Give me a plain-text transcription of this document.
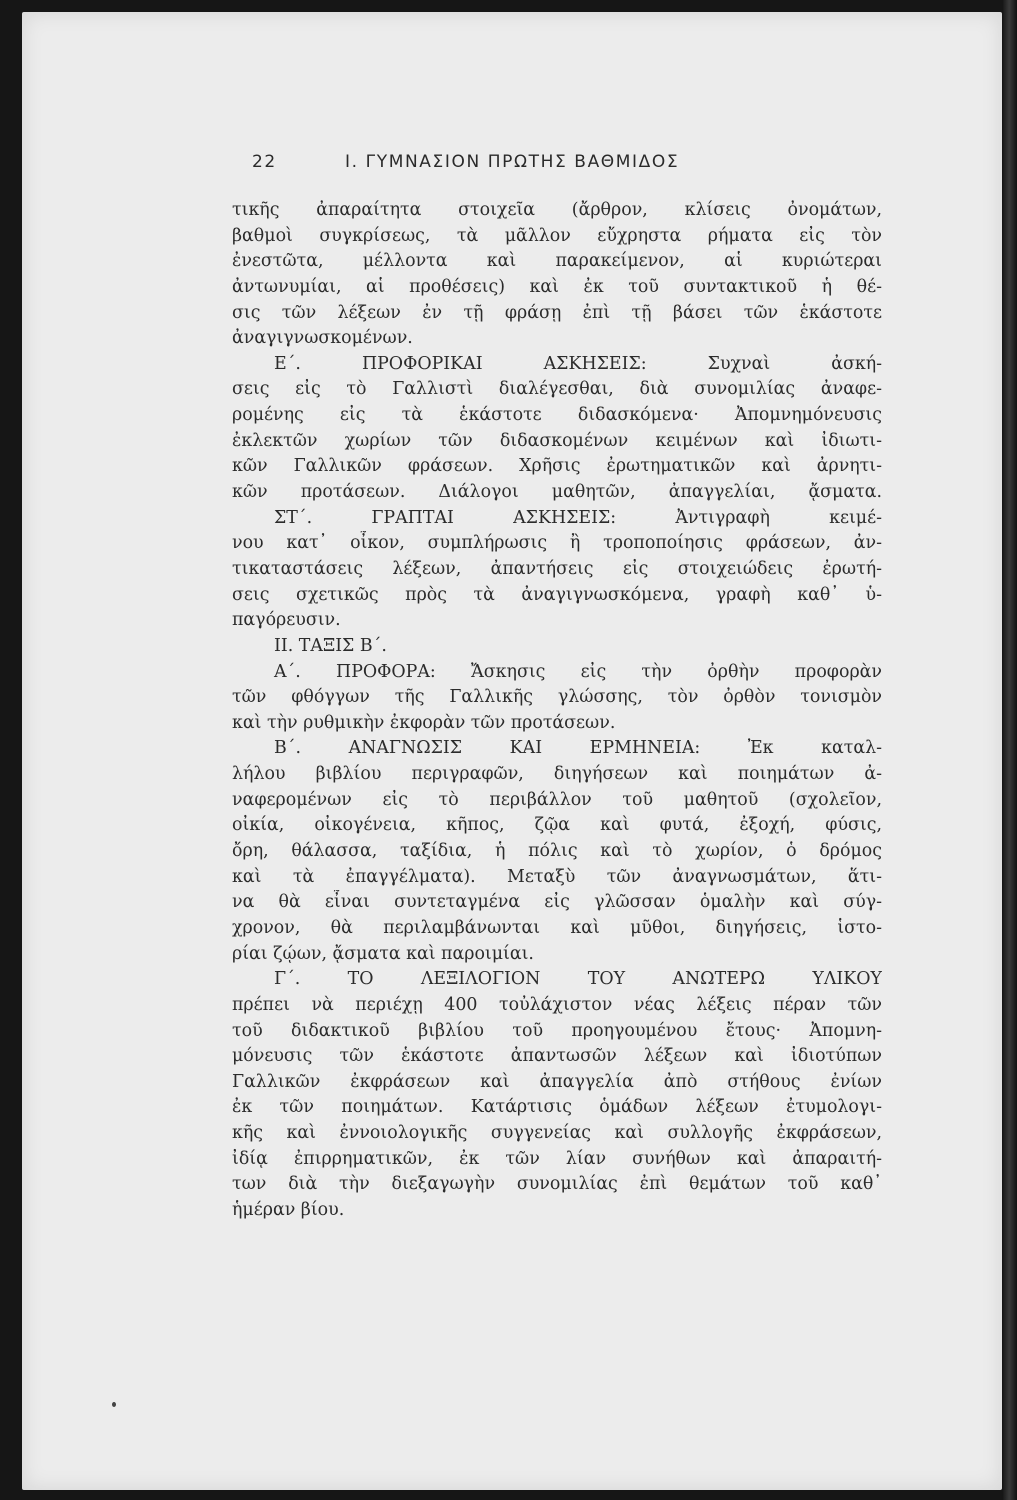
22	I. ΓΥΜΝΑΣΙΟΝ ΠΡΩΤΗΣ ΒΑΘΜΙΔΟΣ
τικῆς ἀπαραίτητα στοιχεῖα (ἄρθρον, κλίσεις ὀνομάτων,
βαθμοὶ συγκρίσεως, τὰ μᾶλλον εὔχρηστα ρήματα εἰς τὸν
ἐνεστῶτα, μέλλοντα καὶ παρακείμενον, αἱ κυριώτεραι
ἀντωνυμίαι, αἱ προθέσεις) καὶ ἐκ τοῦ συντακτικοῦ ἡ θέ-
σις τῶν λέξεων ἐν τῇ φράσῃ ἐπὶ τῇ βάσει τῶν ἑκάστοτε
ἀναγιγνωσκομένων.
Ε΄. ΠΡΟΦΟΡΙΚΑΙ ΑΣΚΗΣΕΙΣ: Συχναὶ ἀσκή-
σεις εἰς τὸ Γαλλιστὶ διαλέγεσθαι, διὰ συνομιλίας ἀναφε-
ρομένης εἰς τὰ ἑκάστοτε διδασκόμενα· Ἀπομνημόνευσις
ἐκλεκτῶν χωρίων τῶν διδασκομένων κειμένων καὶ ἰδιωτι-
κῶν Γαλλικῶν φράσεων. Χρῆσις ἐρωτηματικῶν καὶ ἀρνητι-
κῶν προτάσεων. Διάλογοι μαθητῶν, ἀπαγγελίαι, ᾄσματα.
ΣΤ΄. ΓΡΑΠΤΑΙ ΑΣΚΗΣΕΙΣ: Ἀντιγραφὴ κειμέ-
νου κατ᾽ οἶκον, συμπλήρωσις ἢ τροποποίησις φράσεων, ἀν-
τικαταστάσεις λέξεων, ἀπαντήσεις εἰς στοιχειώδεις ἐρωτή-
σεις σχετικῶς πρὸς τὰ ἀναγιγνωσκόμενα, γραφὴ καθ᾽ ὑ-
παγόρευσιν.
ΙΙ. ΤΑΞΙΣ Β΄.
Α΄. ΠΡΟΦΟΡΑ: Ἄσκησις εἰς τὴν ὀρθὴν προφορὰν
τῶν φθόγγων τῆς Γαλλικῆς γλώσσης, τὸν ὀρθὸν τονισμὸν
καὶ τὴν ρυθμικὴν ἐκφορὰν τῶν προτάσεων.
Β΄. ΑΝΑΓΝΩΣΙΣ ΚΑΙ ΕΡΜΗΝΕΙΑ: Ἐκ καταλ-
λήλου βιβλίου περιγραφῶν, διηγήσεων καὶ ποιημάτων ἀ-
ναφερομένων εἰς τὸ περιβάλλον τοῦ μαθητοῦ (σχολεῖον,
οἰκία, οἰκογένεια, κῆπος, ζῷα καὶ φυτά, ἐξοχή, φύσις,
ὄρη, θάλασσα, ταξίδια, ἡ πόλις καὶ τὸ χωρίον, ὁ δρόμος
καὶ τὰ ἐπαγγέλματα). Μεταξὺ τῶν ἀναγνωσμάτων, ἅτι-
να θὰ εἶναι συντεταγμένα εἰς γλῶσσαν ὁμαλὴν καὶ σύγ-
χρονον, θὰ περιλαμβάνωνται καὶ μῦθοι, διηγήσεις, ἱστο-
ρίαι ζῴων, ᾄσματα καὶ παροιμίαι.
Γ΄. ΤΟ ΛΕΞΙΛΟΓΙΟΝ ΤΟΥ ΑΝΩΤΕΡΩ ΥΛΙΚΟΥ
πρέπει νὰ περιέχῃ 400 τοὐλάχιστον νέας λέξεις πέραν τῶν
τοῦ διδακτικοῦ βιβλίου τοῦ προηγουμένου ἔτους· Ἀπομνη-
μόνευσις τῶν ἑκάστοτε ἀπαντωσῶν λέξεων καὶ ἰδιοτύπων
Γαλλικῶν ἐκφράσεων καὶ ἀπαγγελία ἀπὸ στήθους ἐνίων
ἐκ τῶν ποιημάτων. Κατάρτισις ὁμάδων λέξεων ἐτυμολογι-
κῆς καὶ ἐννοιολογικῆς συγγενείας καὶ συλλογῆς ἐκφράσεων,
ἰδίᾳ ἐπιρρηματικῶν, ἐκ τῶν λίαν συνήθων καὶ ἀπαραιτή-
των διὰ τὴν διεξαγωγὴν συνομιλίας ἐπὶ θεμάτων τοῦ καθ᾽
ἡμέραν βίου.
